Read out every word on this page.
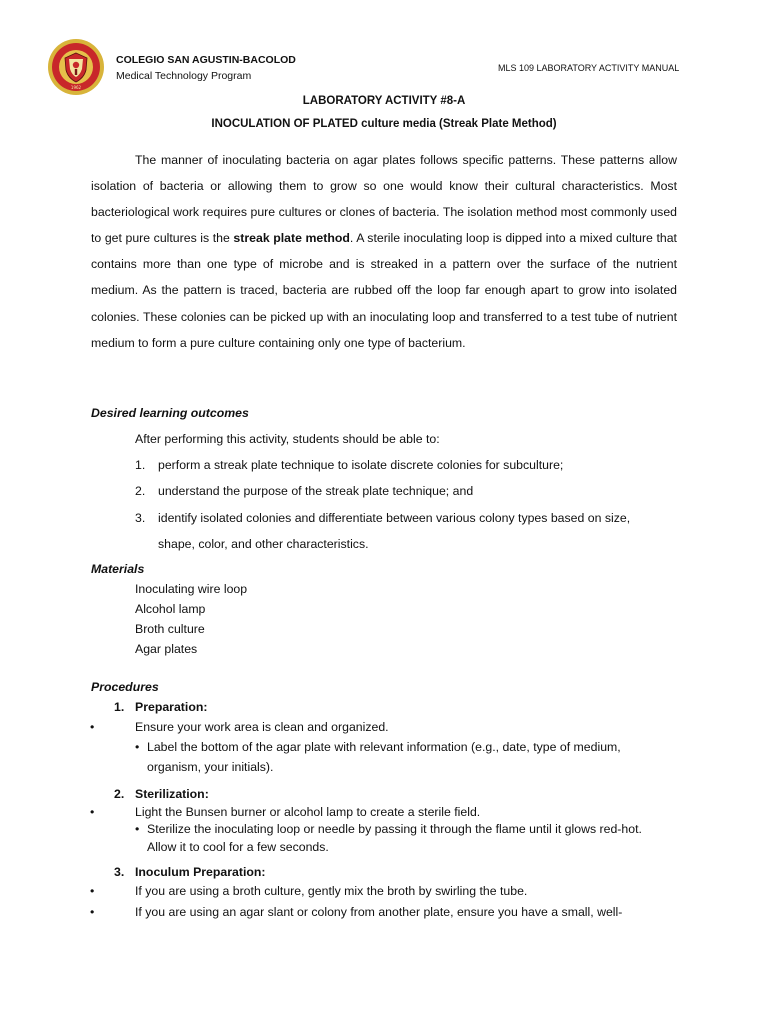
1962
COLEGIO SAN AGUSTIN-BACOLOD
Medical Technology Program
MLS 109 LABORATORY ACTIVITY MANUAL
LABORATORY ACTIVITY #8-A
INOCULATION OF PLATED culture media (Streak Plate Method)
The manner of inoculating bacteria on agar plates follows specific patterns. These patterns allow isolation of bacteria or allowing them to grow so one would know their cultural characteristics. Most bacteriological work requires pure cultures or clones of bacteria. The isolation method most commonly used to get pure cultures is the streak plate method. A sterile inoculating loop is dipped into a mixed culture that contains more than one type of microbe and is streaked in a pattern over the surface of the nutrient medium. As the pattern is traced, bacteria are rubbed off the loop far enough apart to grow into isolated colonies. These colonies can be picked up with an inoculating loop and transferred to a test tube of nutrient medium to form a pure culture containing only one type of bacterium.
Desired learning outcomes
After performing this activity, students should be able to:
1. perform a streak plate technique to isolate discrete colonies for subculture;
2. understand the purpose of the streak plate technique; and
3. identify isolated colonies and differentiate between various colony types based on size,
shape, color, and other characteristics.
Materials
Inoculating wire loop
Alcohol lamp
Broth culture
Agar plates
Procedures
1. Preparation:
•	Ensure your work area is clean and organized.
• Label the bottom of the agar plate with relevant information (e.g., date, type of medium,
organism, your initials).
2. Sterilization:
•	Light the Bunsen burner or alcohol lamp to create a sterile field.
• Sterilize the inoculating loop or needle by passing it through the flame until it glows red-hot.
Allow it to cool for a few seconds.
3. Inoculum Preparation:
•	If you are using a broth culture, gently mix the broth by swirling the tube.
•	If you are using an agar slant or colony from another plate, ensure you have a small, well-
